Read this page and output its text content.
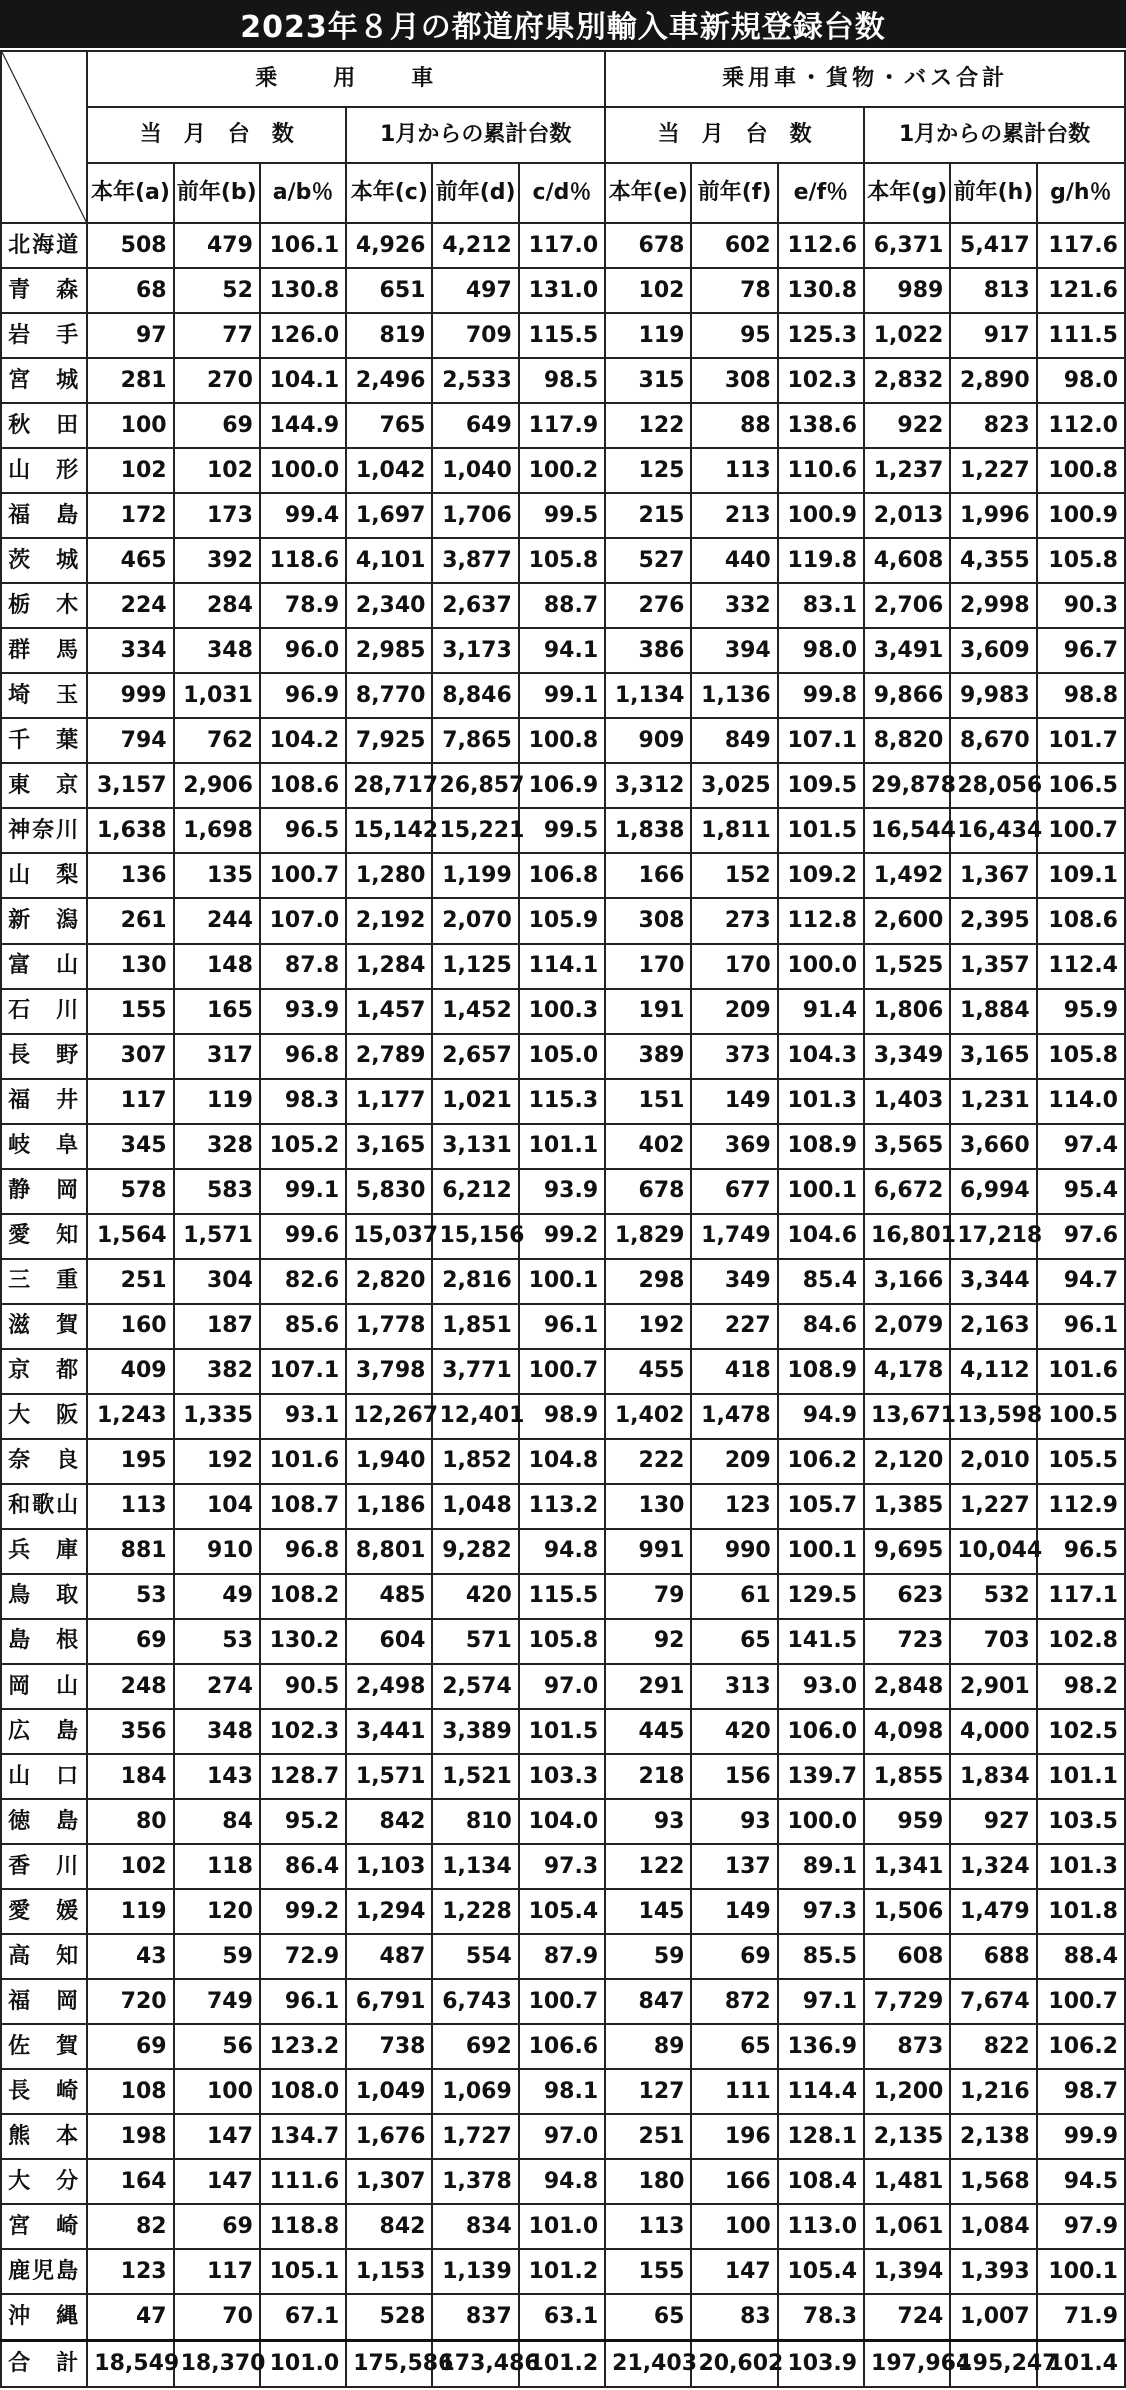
2023年８月の都道府県別輸入車新規登録台数
	乗　　用　　車						乗用車・貨物・バス合計					
	当　月　台　数			1月からの累計台数			当　月　台　数			1月からの累計台数		
	本年(a)	前年(b)	a/b％	本年(c)	前年(d)	c/d％	本年(e)	前年(f)	e/f％	本年(g)	前年(h)	g/h％
北海道	508	479	106.1	4,926	4,212	117.0	678	602	112.6	6,371	5,417	117.6
青　森	68	52	130.8	651	497	131.0	102	78	130.8	989	813	121.6
岩　手	97	77	126.0	819	709	115.5	119	95	125.3	1,022	917	111.5
宮　城	281	270	104.1	2,496	2,533	98.5	315	308	102.3	2,832	2,890	98.0
秋　田	100	69	144.9	765	649	117.9	122	88	138.6	922	823	112.0
山　形	102	102	100.0	1,042	1,040	100.2	125	113	110.6	1,237	1,227	100.8
福　島	172	173	99.4	1,697	1,706	99.5	215	213	100.9	2,013	1,996	100.9
茨　城	465	392	118.6	4,101	3,877	105.8	527	440	119.8	4,608	4,355	105.8
栃　木	224	284	78.9	2,340	2,637	88.7	276	332	83.1	2,706	2,998	90.3
群　馬	334	348	96.0	2,985	3,173	94.1	386	394	98.0	3,491	3,609	96.7
埼　玉	999	1,031	96.9	8,770	8,846	99.1	1,134	1,136	99.8	9,866	9,983	98.8
千　葉	794	762	104.2	7,925	7,865	100.8	909	849	107.1	8,820	8,670	101.7
東　京	3,157	2,906	108.6	28,717	26,857	106.9	3,312	3,025	109.5	29,878	28,056	106.5
神奈川	1,638	1,698	96.5	15,142	15,221	99.5	1,838	1,811	101.5	16,544	16,434	100.7
山　梨	136	135	100.7	1,280	1,199	106.8	166	152	109.2	1,492	1,367	109.1
新　潟	261	244	107.0	2,192	2,070	105.9	308	273	112.8	2,600	2,395	108.6
富　山	130	148	87.8	1,284	1,125	114.1	170	170	100.0	1,525	1,357	112.4
石　川	155	165	93.9	1,457	1,452	100.3	191	209	91.4	1,806	1,884	95.9
長　野	307	317	96.8	2,789	2,657	105.0	389	373	104.3	3,349	3,165	105.8
福　井	117	119	98.3	1,177	1,021	115.3	151	149	101.3	1,403	1,231	114.0
岐　阜	345	328	105.2	3,165	3,131	101.1	402	369	108.9	3,565	3,660	97.4
静　岡	578	583	99.1	5,830	6,212	93.9	678	677	100.1	6,672	6,994	95.4
愛　知	1,564	1,571	99.6	15,037	15,156	99.2	1,829	1,749	104.6	16,801	17,218	97.6
三　重	251	304	82.6	2,820	2,816	100.1	298	349	85.4	3,166	3,344	94.7
滋　賀	160	187	85.6	1,778	1,851	96.1	192	227	84.6	2,079	2,163	96.1
京　都	409	382	107.1	3,798	3,771	100.7	455	418	108.9	4,178	4,112	101.6
大　阪	1,243	1,335	93.1	12,267	12,401	98.9	1,402	1,478	94.9	13,671	13,598	100.5
奈　良	195	192	101.6	1,940	1,852	104.8	222	209	106.2	2,120	2,010	105.5
和歌山	113	104	108.7	1,186	1,048	113.2	130	123	105.7	1,385	1,227	112.9
兵　庫	881	910	96.8	8,801	9,282	94.8	991	990	100.1	9,695	10,044	96.5
鳥　取	53	49	108.2	485	420	115.5	79	61	129.5	623	532	117.1
島　根	69	53	130.2	604	571	105.8	92	65	141.5	723	703	102.8
岡　山	248	274	90.5	2,498	2,574	97.0	291	313	93.0	2,848	2,901	98.2
広　島	356	348	102.3	3,441	3,389	101.5	445	420	106.0	4,098	4,000	102.5
山　口	184	143	128.7	1,571	1,521	103.3	218	156	139.7	1,855	1,834	101.1
徳　島	80	84	95.2	842	810	104.0	93	93	100.0	959	927	103.5
香　川	102	118	86.4	1,103	1,134	97.3	122	137	89.1	1,341	1,324	101.3
愛　媛	119	120	99.2	1,294	1,228	105.4	145	149	97.3	1,506	1,479	101.8
高　知	43	59	72.9	487	554	87.9	59	69	85.5	608	688	88.4
福　岡	720	749	96.1	6,791	6,743	100.7	847	872	97.1	7,729	7,674	100.7
佐　賀	69	56	123.2	738	692	106.6	89	65	136.9	873	822	106.2
長　崎	108	100	108.0	1,049	1,069	98.1	127	111	114.4	1,200	1,216	98.7
熊　本	198	147	134.7	1,676	1,727	97.0	251	196	128.1	2,135	2,138	99.9
大　分	164	147	111.6	1,307	1,378	94.8	180	166	108.4	1,481	1,568	94.5
宮　崎	82	69	118.8	842	834	101.0	113	100	113.0	1,061	1,084	97.9
鹿児島	123	117	105.1	1,153	1,139	101.2	155	147	105.4	1,394	1,393	100.1
沖　縄	47	70	67.1	528	837	63.1	65	83	78.3	724	1,007	71.9
合　計	18,549	18,370	101.0	175,586	173,486	101.2	21,403	20,602	103.9	197,964	195,247	101.4
